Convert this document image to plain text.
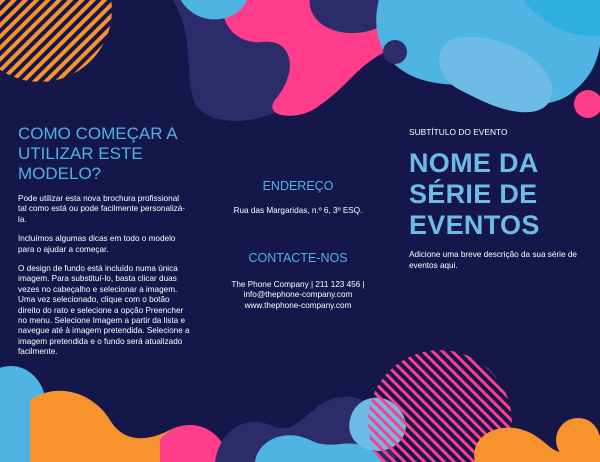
COMO COMEÇAR A UTILIZAR ESTE MODELO?

Pode utilizar esta nova brochura profissional tal como está ou pode facilmente personalizá-la.

Incluímos algumas dicas em todo o modelo para o ajudar a começar.

O design de fundo está incluído numa única imagem. Para substituí-lo, basta clicar duas vezes no cabeçalho e selecionar a imagem. Uma vez selecionado, clique com o botão direito do rato e selecione a opção Preencher no menu. Selecione Imagem a partir da lista e navegue até à imagem pretendida. Selecione a imagem pretendida e o fundo será atualizado facilmente.

ENDEREÇO

Rua das Margaridas, n.º 6, 3º ESQ.

CONTACTE-NOS

The Phone Company | 211 123 456 |
info@thephone-company.com
www.thephone-company.com

SUBTÍTULO DO EVENTO

NOME DA
SÉRIE DE
EVENTOS

Adicione uma breve descrição da sua série de eventos aqui.
